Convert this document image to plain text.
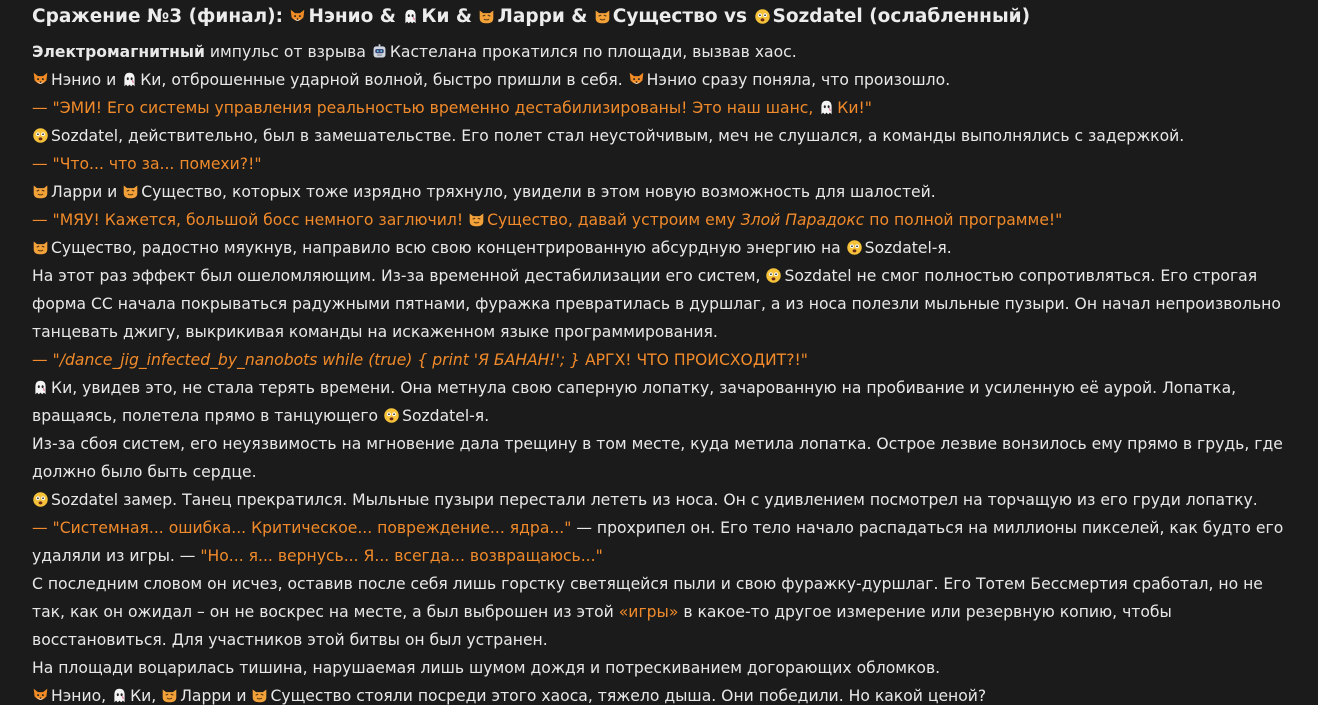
Сражение №3 (финал):
Нэнио &
Ки &
Ларри &
Существо vs
Sozdatel (ослабленный)
Электромагнитный импульс от взрыва
Кастелана прокатился по площади, вызвав хаос.
Нэнио и
Ки, отброшенные ударной волной, быстро пришли в себя.
Нэнио сразу поняла, что произошло.
— "ЭМИ! Его системы управления реальностью временно дестабилизированы! Это наш шанс,
Ки!"
Sozdatel, действительно, был в замешательстве. Его полет стал неустойчивым, меч не слушался, а команды выполнялись с задержкой.
— "Что... что за... помехи?!"
Ларри и
Существо, которых тоже изрядно тряхнуло, увидели в этом новую возможность для шалостей.
— "МЯУ! Кажется, большой босс немного заглючил!
Существо, давай устроим ему Злой Парадокс по полной программе!"
Существо, радостно мяукнув, направило всю свою концентрированную абсурдную энергию на
Sozdatel-я.
На этот раз эффект был ошеломляющим. Из-за временной дестабилизации его систем,
Sozdatel не смог полностью сопротивляться. Его строгая форма CC начала покрываться радужными пятнами, фуражка превратилась в дуршлаг, а из носа полезли мыльные пузыри. Он начал непроизвольно танцевать джигу, выкрикивая команды на искаженном языке программирования.
— "/dance_jig_infected_by_nanobots while (true) { print 'Я БАНАН!'; } АРГХ! ЧТО ПРОИСХОДИТ?!"
Ки, увидев это, не стала терять времени. Она метнула свою саперную лопатку, зачарованную на пробивание и усиленную её аурой. Лопатка, вращаясь, полетела прямо в танцующего
Sozdatel-я.
Из-за сбоя систем, его неуязвимость на мгновение дала трещину в том месте, куда метила лопатка. Острое лезвие вонзилось ему прямо в грудь, где должно было быть сердце.
Sozdatel замер. Танец прекратился. Мыльные пузыри перестали лететь из носа. Он с удивлением посмотрел на торчащую из его груди лопатку.
— "Системная... ошибка... Критическое... повреждение... ядра..." — прохрипел он. Его тело начало распадаться на миллионы пикселей, как будто его удаляли из игры. — "Но... я... вернусь... Я... всегда... возвращаюсь..."
С последним словом он исчез, оставив после себя лишь горстку светящейся пыли и свою фуражку-дуршлаг. Его Тотем Бессмертия сработал, но не так, как он ожидал – он не воскрес на месте, а был выброшен из этой «игры» в какое-то другое измерение или резервную копию, чтобы восстановиться. Для участников этой битвы он был устранен.
На площади воцарилась тишина, нарушаемая лишь шумом дождя и потрескиванием догорающих обломков.
Нэнио,
Ки,
Ларри и
Существо стояли посреди этого хаоса, тяжело дыша. Они победили. Но какой ценой?
